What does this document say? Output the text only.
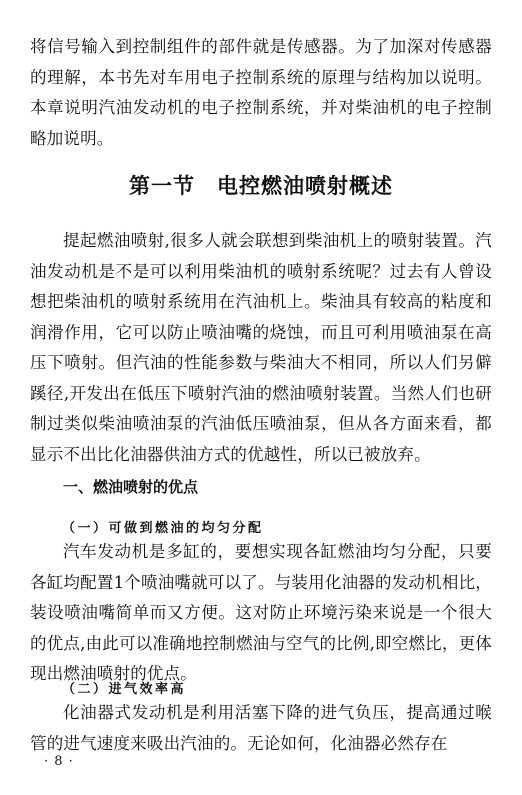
将信号输入到控制组件的部件就是传感器。为了加深对传感器的理解，本书先对车用电子控制系统的原理与结构加以说明。本章说明汽油发动机的电子控制系统，并对柴油机的电子控制略加说明。

第一节　电控燃油喷射概述

提起燃油喷射,很多人就会联想到柴油机上的喷射装置。汽油发动机是不是可以利用柴油机的喷射系统呢？过去有人曾设想把柴油机的喷射系统用在汽油机上。柴油具有较高的粘度和润滑作用，它可以防止喷油嘴的烧蚀，而且可利用喷油泵在高压下喷射。但汽油的性能参数与柴油大不相同，所以人们另僻蹊径,开发出在低压下喷射汽油的燃油喷射装置。当然人们也研制过类似柴油喷油泵的汽油低压喷油泵，但从各方面来看，都显示不出比化油器供油方式的优越性，所以已被放弃。

一、燃油喷射的优点
（一）可做到燃油的均匀分配

汽车发动机是多缸的，要想实现各缸燃油均匀分配，只要各缸均配置1个喷油嘴就可以了。与装用化油器的发动机相比，装设喷油嘴简单而又方便。这对防止环境污染来说是一个很大的优点,由此可以准确地控制燃油与空气的比例,即空燃比，更体现出燃油喷射的优点。

（二）进气效率高

化油器式发动机是利用活塞下降的进气负压，提高通过喉管的进气速度来吸出汽油的。无论如何，化油器必然存在

· 8 ·
